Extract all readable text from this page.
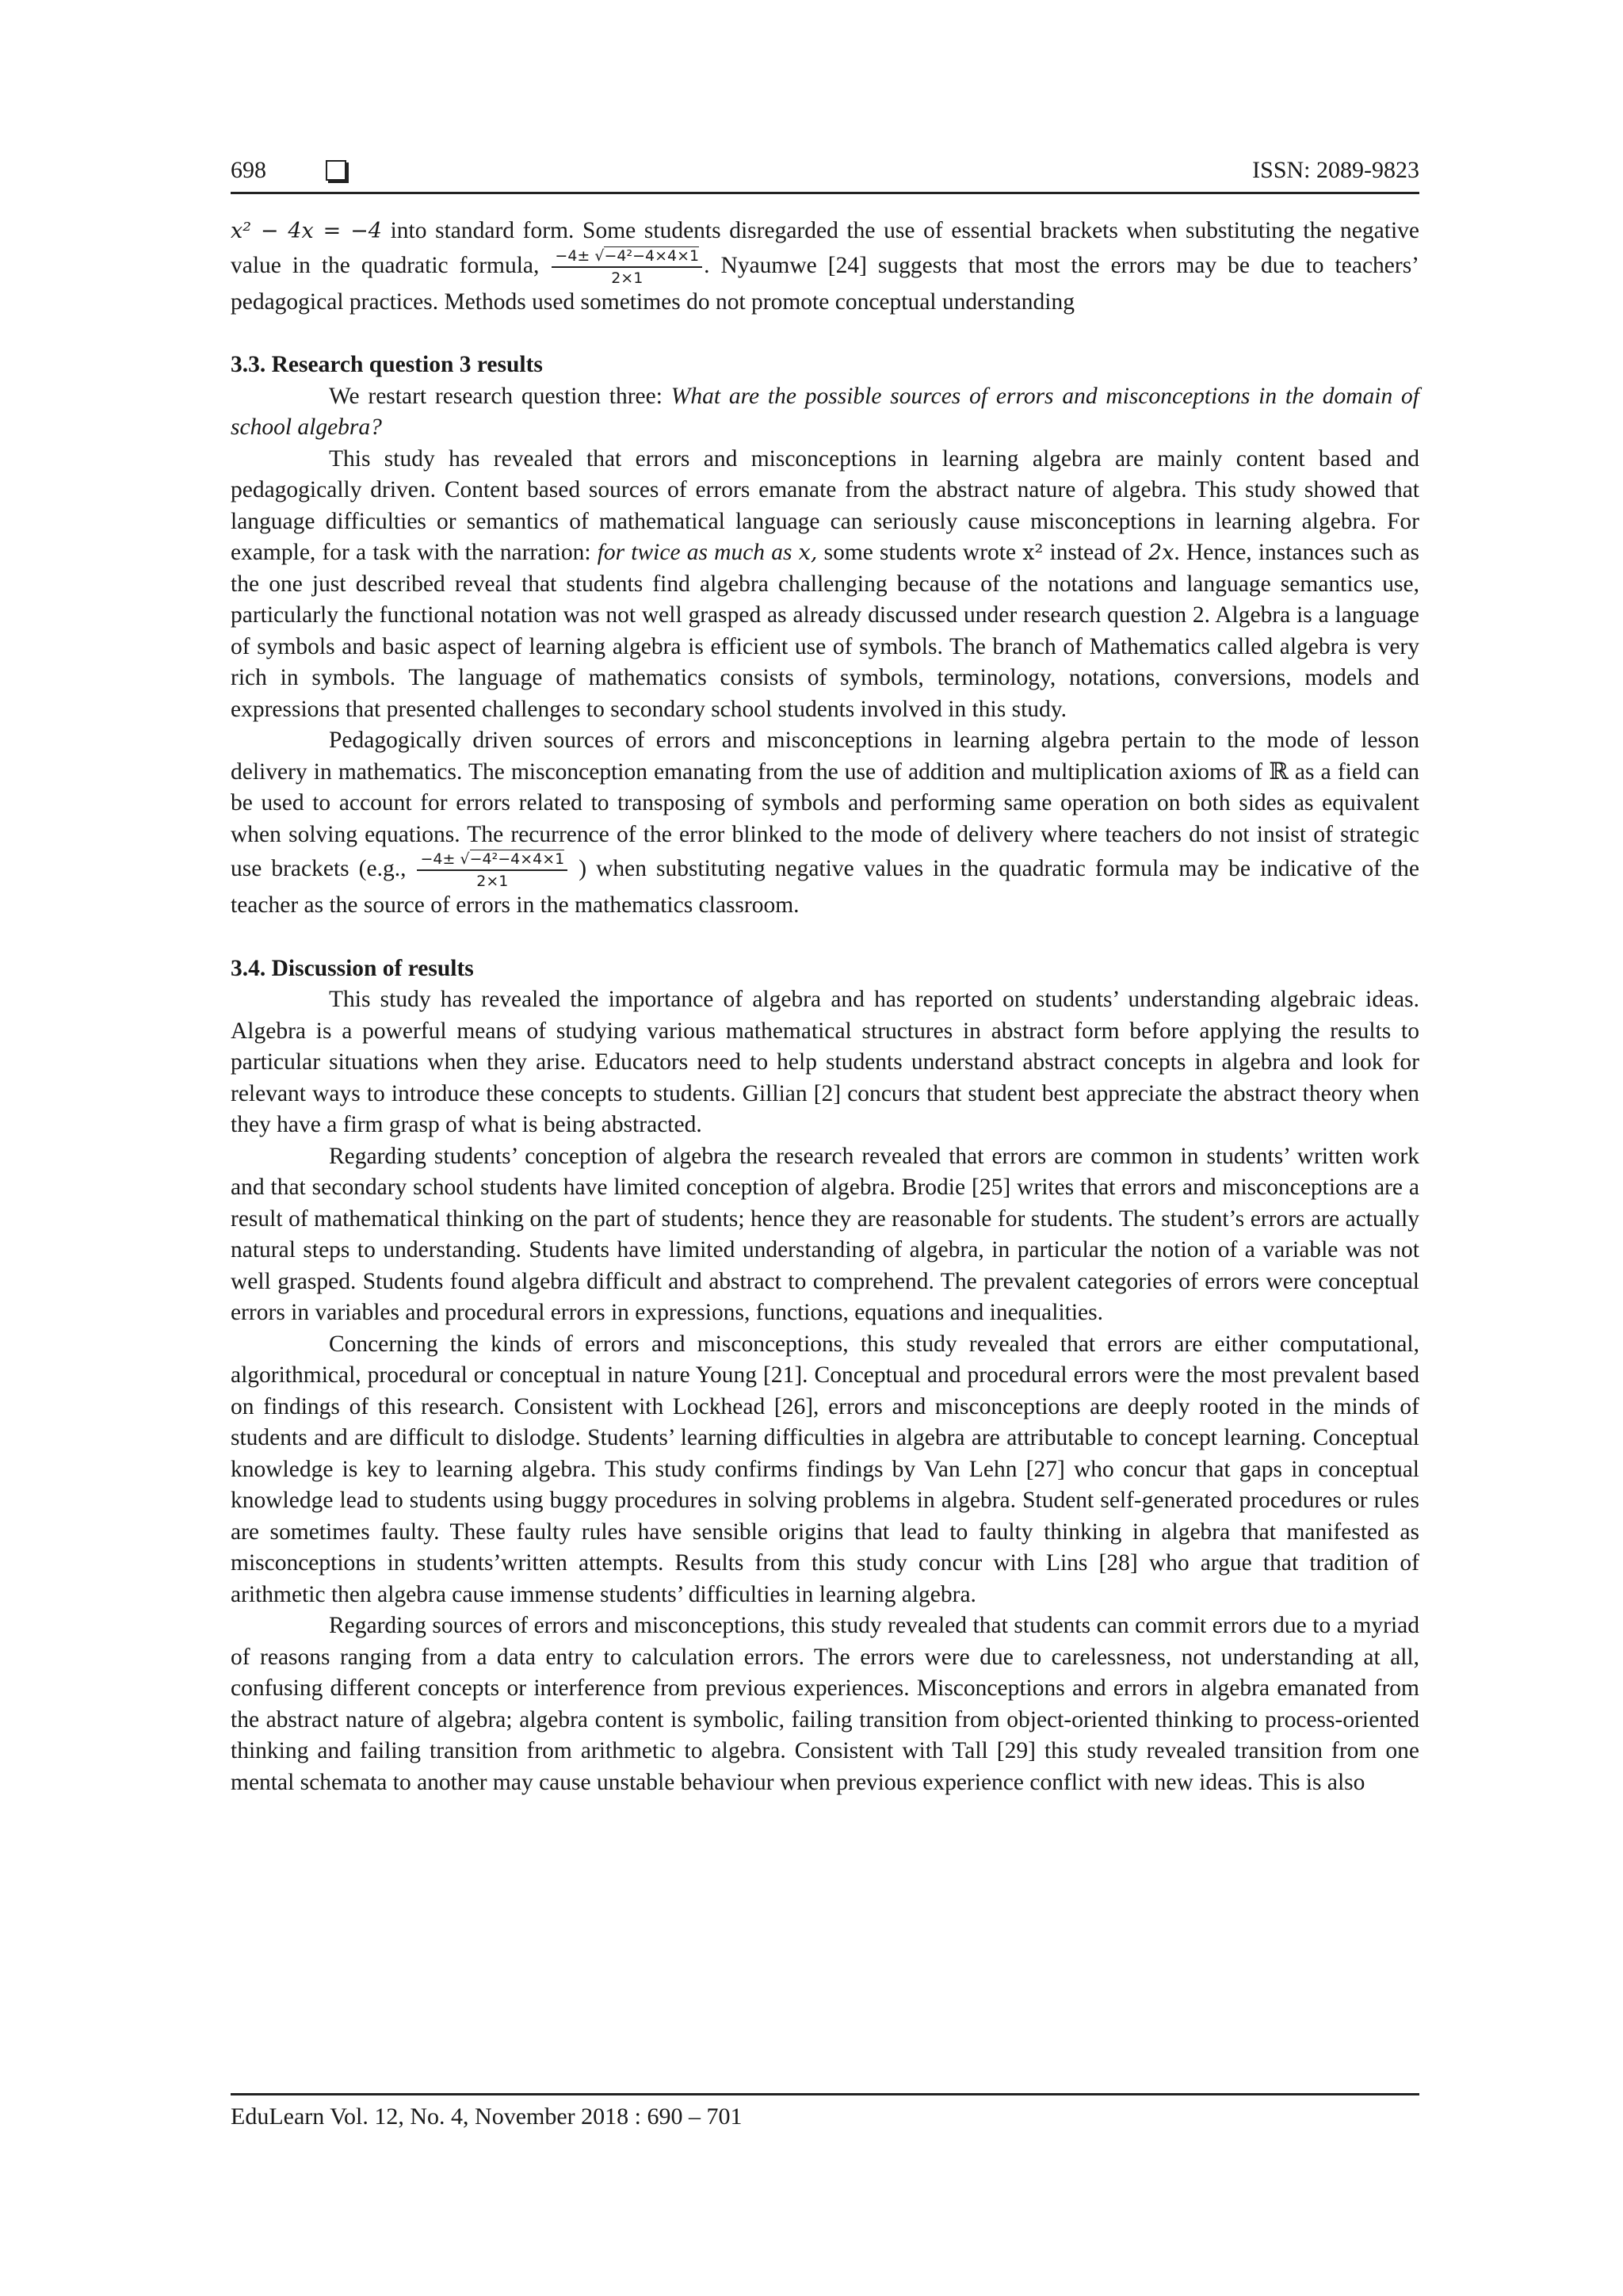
698	ISSN: 2089-9823

x² − 4x = −4 into standard form. Some students disregarded the use of essential brackets when substituting the negative value in the quadratic formula, $\frac{\text{−4± √−4²−4×4×1}}{2\times 1}$ . Nyaumwe [24] suggests that most the errors may be due to teachers’ pedagogical practices. Methods used sometimes do not promote conceptual understanding

3.3. Research question 3 results

We restart research question three: What are the possible sources of errors and misconceptions in the domain of school algebra?

This study has revealed that errors and misconceptions in learning algebra are mainly content based and pedagogically driven. Content based sources of errors emanate from the abstract nature of algebra. This study showed that language difficulties or semantics of mathematical language can seriously cause misconceptions in learning algebra. For example, for a task with the narration: for twice as much as x, some students wrote x² instead of 2x. Hence, instances such as the one just described reveal that students find algebra challenging because of the notations and language semantics use, particularly the functional notation was not well grasped as already discussed under research question 2. Algebra is a language of symbols and basic aspect of learning algebra is efficient use of symbols. The branch of Mathematics called algebra is very rich in symbols. The language of mathematics consists of symbols, terminology, notations, conversions, models and expressions that presented challenges to secondary school students involved in this study.

Pedagogically driven sources of errors and misconceptions in learning algebra pertain to the mode of lesson delivery in mathematics. The misconception emanating from the use of addition and multiplication axioms of ℝ as a field can be used to account for errors related to transposing of symbols and performing same operation on both sides as equivalent when solving equations. The recurrence of the error blinked to the mode of delivery where teachers do not insist of strategic use brackets (e.g., $\frac{\text{−4± √−4²−4×4×1}}{2\times 1}$ ) when substituting negative values in the quadratic formula may be indicative of the teacher as the source of errors in the mathematics classroom.

3.4. Discussion of results

This study has revealed the importance of algebra and has reported on students’ understanding algebraic ideas. Algebra is a powerful means of studying various mathematical structures in abstract form before applying the results to particular situations when they arise. Educators need to help students understand abstract concepts in algebra and look for relevant ways to introduce these concepts to students. Gillian [2] concurs that student best appreciate the abstract theory when they have a firm grasp of what is being abstracted.

Regarding students’ conception of algebra the research revealed that errors are common in students’ written work and that secondary school students have limited conception of algebra. Brodie [25] writes that errors and misconceptions are a result of mathematical thinking on the part of students; hence they are reasonable for students. The student’s errors are actually natural steps to understanding. Students have limited understanding of algebra, in particular the notion of a variable was not well grasped. Students found algebra difficult and abstract to comprehend. The prevalent categories of errors were conceptual errors in variables and procedural errors in expressions, functions, equations and inequalities.

Concerning the kinds of errors and misconceptions, this study revealed that errors are either computational, algorithmical, procedural or conceptual in nature Young [21]. Conceptual and procedural errors were the most prevalent based on findings of this research. Consistent with Lockhead [26], errors and misconceptions are deeply rooted in the minds of students and are difficult to dislodge. Students’ learning difficulties in algebra are attributable to concept learning. Conceptual knowledge is key to learning algebra. This study confirms findings by Van Lehn [27] who concur that gaps in conceptual knowledge lead to students using buggy procedures in solving problems in algebra. Student self-generated procedures or rules are sometimes faulty. These faulty rules have sensible origins that lead to faulty thinking in algebra that manifested as misconceptions in students’written attempts. Results from this study concur with Lins [28] who argue that tradition of arithmetic then algebra cause immense students’ difficulties in learning algebra.

Regarding sources of errors and misconceptions, this study revealed that students can commit errors due to a myriad of reasons ranging from a data entry to calculation errors. The errors were due to carelessness, not understanding at all, confusing different concepts or interference from previous experiences. Misconceptions and errors in algebra emanated from the abstract nature of algebra; algebra content is symbolic, failing transition from object-oriented thinking to process-oriented thinking and failing transition from arithmetic to algebra. Consistent with Tall [29] this study revealed transition from one mental schemata to another may cause unstable behaviour when previous experience conflict with new ideas. This is also

EduLearn Vol. 12, No. 4, November 2018 : 690 – 701
